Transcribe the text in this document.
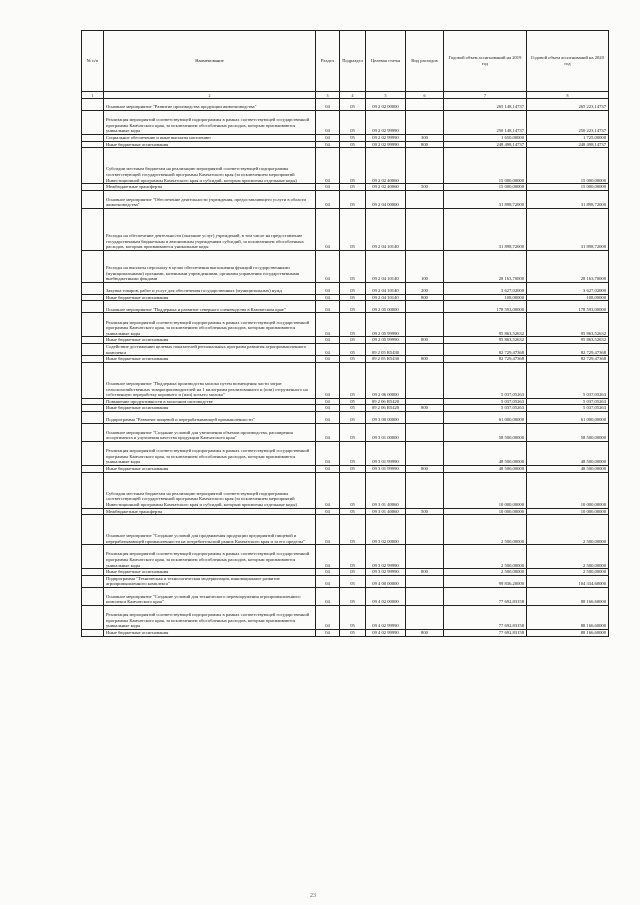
№ п/п	Наименование	Раздел	Подраздел	Целевая статья	Вид расходов	Годовой объем ассигнований на 2019 год	Годовой объем ассигнований на 2020 год
1	2	3	4	5	6	7	8
	Основное мероприятие "Развитие производства продукции животноводства"	04	05	09 2 02 00000		265 148,14737	265 223,14737
	Реализация мероприятий соответствующей подпрограммы в рамках соответствующей государственной программы Камчатского края, за исключением обособленных расходов, которым присваиваются уникальные коды	04	05	09 2 02 99990		250 148,14737	250 223,14737
	Социальное обеспечение и иные выплаты населению	04	05	09 2 02 99990	300	1 650,00000	1 725,00000
	Иные бюджетные ассигнования	04	05	09 2 02 99990	800	248 498,14737	248 498,14737
	Субсидии местным бюджетам на реализацию мероприятий соответствующей подпрограммы соответствующей государственной программы Камчатского края (за исключением мероприятий Инвестиционной программы Камчатского края и субсидий, которым присвоены отдельные коды)	04	05	09 2 02 40060		15 000,00000	15 000,00000
	Межбюджетные трансферты	04	05	09 2 02 40060	500	15 000,00000	15 000,00000
	Основное мероприятие "Обеспечение деятельности учреждения, предоставляющего услуги в области животноводства"	04	05	09 2 04 00000		31 898,72000	31 898,72000
	Расходы на обеспечение деятельности (оказание услуг) учреждений, в том числе на предоставление государственным бюджетным и автономным учреждениям субсидий, за исключением обособленных расходов, которым присваиваются уникальные коды	04	05	09 2 04 10140		31 898,72000	31 898,72000
	Расходы на выплаты персоналу в целях обеспечения выполнения функций государственными (муниципальными) органами, казенными учреждениями, органами управления государственными внебюджетными фондами	04	05	09 2 04 10140	100	28 163,70000	28 163,70000
	Закупка товаров, работ и услуг для обеспечения государственных (муниципальных) нужд	04	05	09 2 04 10140	200	3 627,02000	3 627,02000
	Иные бюджетные ассигнования	04	05	09 2 04 10140	800	108,00000	108,00000
	Основное мероприятие "Поддержка и развитие северного оленеводства в Камчатском крае"	04	05	09 2 05 00000		178 593,00000	178 593,00000
	Реализация мероприятий соответствующей подпрограммы в рамках соответствующей государственной программы Камчатского края, за исключением обособленных расходов, которым присваиваются уникальные коды	04	05	09 2 05 99990		95 863,52632	95 863,52632
	Иные бюджетные ассигнования	04	05	09 2 05 99990	800	95 863,52632	95 863,52632
	Содействие достижению целевых показателей региональных программ развития агропромышленного комплекса	04	05	09 2 05 R5430		82 729,47368	82 729,47368
	Иные бюджетные ассигнования	04	05	09 2 05 R5430	800	82 729,47368	82 729,47368
	Основное мероприятие "Поддержка производства молока путем возмещения части затрат сельскохозяйственных товаропроизводителей на 1 килограмм реализованного и (или) отгруженного на собственную переработку коровьего и (или) козьего молока"	04	05	09 2 06 00000		5 037,05263	5 037,05263
	Повышение продуктивности в молочном скотоводстве	04	05	09 2 06 R5420		5 037,05263	5 037,05263
	Иные бюджетные ассигнования	04	05	09 2 06 R5420	800	5 037,05263	5 037,05263
	Подпрограмма "Развитие пищевой и перерабатывающей промышленности"	04	05	09 3 00 00000		61 000,00000	61 000,00000
	Основное мероприятие "Создание условий для увеличения объемов производства, расширения ассортимента и улучшения качества продукции Камчатского края"	04	05	09 3 01 00000		58 500,00000	58 500,00000
	Реализация мероприятий соответствующей подпрограммы в рамках соответствующей государственной программы Камчатского края, за исключением обособленных расходов, которым присваиваются уникальные коды	04	05	09 3 01 99990		48 500,00000	48 500,00000
	Иные бюджетные ассигнования	04	05	09 3 01 99990	800	48 500,00000	48 500,00000
	Субсидии местным бюджетам на реализацию мероприятий соответствующей подпрограммы соответствующей государственной программы Камчатского края (за исключением мероприятий Инвестиционной программы Камчатского края и субсидий, которым присвоены отдельные коды)	04	05	09 3 01 40060		10 000,00000	10 000,00000
	Межбюджетные трансферты	04	05	09 3 01 40060	500	10 000,00000	10 000,00000
	Основное мероприятие "Создание условий для продвижения продукции предприятий пищевой и перерабатывающей промышленности на потребительский рынок Камчатского края и за его пределы"	04	05	09 3 02 00000		2 500,00000	2 500,00000
	Реализация мероприятий соответствующей подпрограммы в рамках соответствующей государственной программы Камчатского края, за исключением обособленных расходов, которым присваиваются уникальные коды	04	05	09 3 02 99990		2 500,00000	2 500,00000
	Иные бюджетные ассигнования	04	05	09 3 02 99990	800	2 500,00000	2 500,00000
	Подпрограмма "Техническая и технологическая модернизация, инновационное развитие агропромышленного комплекса"	04	05	09 4 00 00000		99 836,20000	104 334,60000
	Основное мероприятие "Создание условий для технического перевооружения агропромышленного комплекса Камчатского края"	04	05	09 4 02 00000		77 692,83158	88 166,60000
	Реализация мероприятий соответствующей подпрограммы в рамках соответствующей государственной программы Камчатского края, за исключением обособленных расходов, которым присваиваются уникальные коды	04	05	09 4 02 99990		77 692,83158	88 166,60000
	Иные бюджетные ассигнования	04	05	09 4 02 99990	800	77 692,83158	88 166,60000
23
